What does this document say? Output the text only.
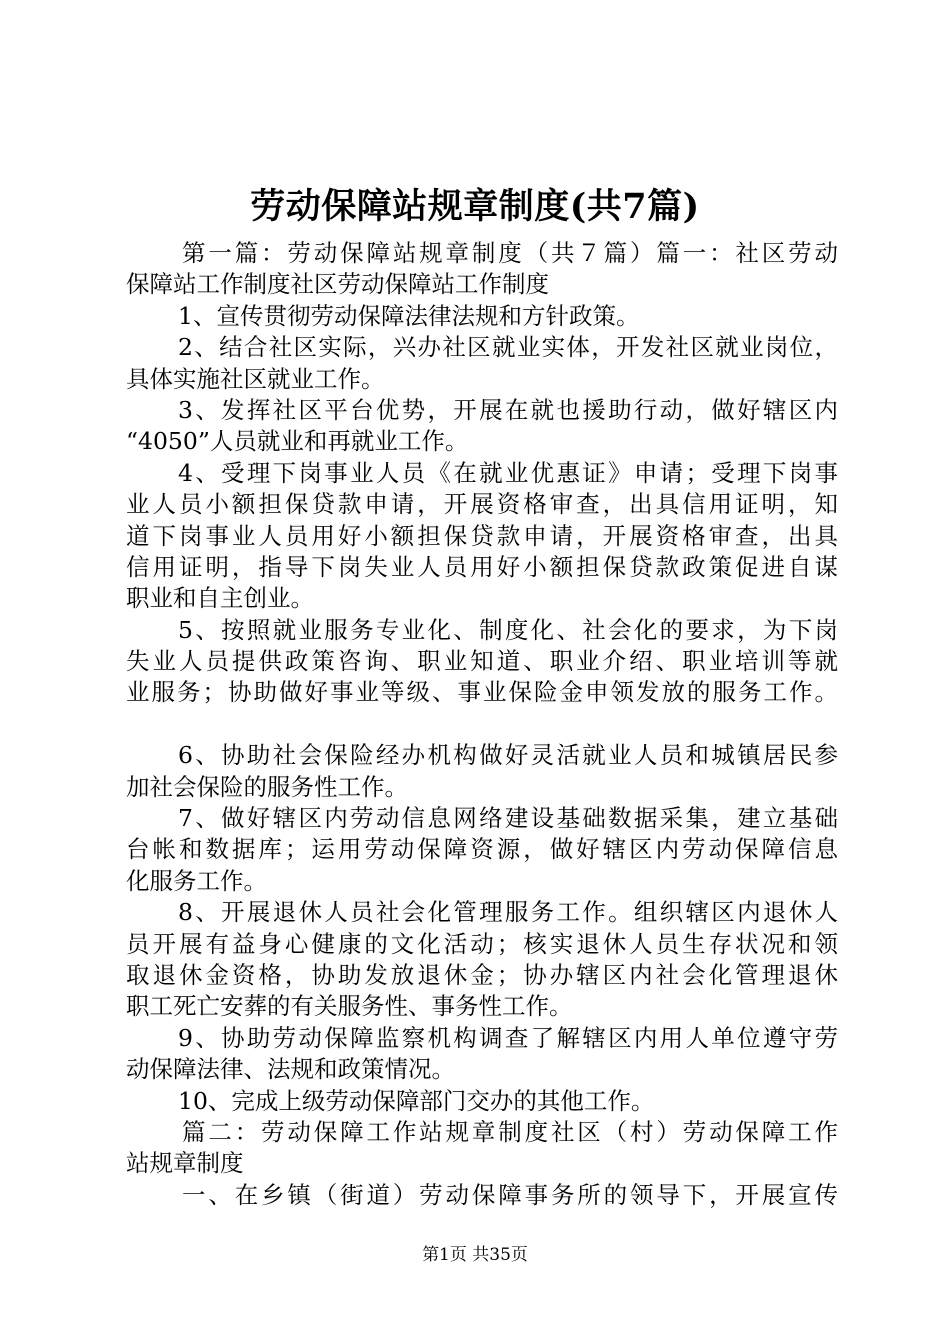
劳动保障站规章制度(共7篇)
第一篇：劳动保障站规章制度（共７篇）篇一：社区劳动
保障站工作制度社区劳动保障站工作制度
1、宣传贯彻劳动保障法律法规和方针政策。
2、结合社区实际，兴办社区就业实体，开发社区就业岗位，
具体实施社区就业工作。
3、发挥社区平台优势，开展在就也援助行动，做好辖区内
“4050”人员就业和再就业工作。
4、受理下岗事业人员《在就业优惠证》申请；受理下岗事
业人员小额担保贷款申请，开展资格审查，出具信用证明，知
道下岗事业人员用好小额担保贷款申请，开展资格审查，出具
信用证明，指导下岗失业人员用好小额担保贷款政策促进自谋
职业和自主创业。
5、按照就业服务专业化、制度化、社会化的要求，为下岗
失业人员提供政策咨询、职业知道、职业介绍、职业培训等就
业服务；协助做好事业等级、事业保险金申领发放的服务工作。
6、协助社会保险经办机构做好灵活就业人员和城镇居民参
加社会保险的服务性工作。
7、做好辖区内劳动信息网络建设基础数据采集，建立基础
台帐和数据库；运用劳动保障资源，做好辖区内劳动保障信息
化服务工作。
8、开展退休人员社会化管理服务工作。组织辖区内退休人
员开展有益身心健康的文化活动；核实退休人员生存状况和领
取退休金资格，协助发放退休金；协办辖区内社会化管理退休
职工死亡安葬的有关服务性、事务性工作。
9、协助劳动保障监察机构调查了解辖区内用人单位遵守劳
动保障法律、法规和政策情况。
10、完成上级劳动保障部门交办的其他工作。
篇二：劳动保障工作站规章制度社区（村）劳动保障工作
站规章制度
一、在乡镇（街道）劳动保障事务所的领导下，开展宣传
第1页 共35页
